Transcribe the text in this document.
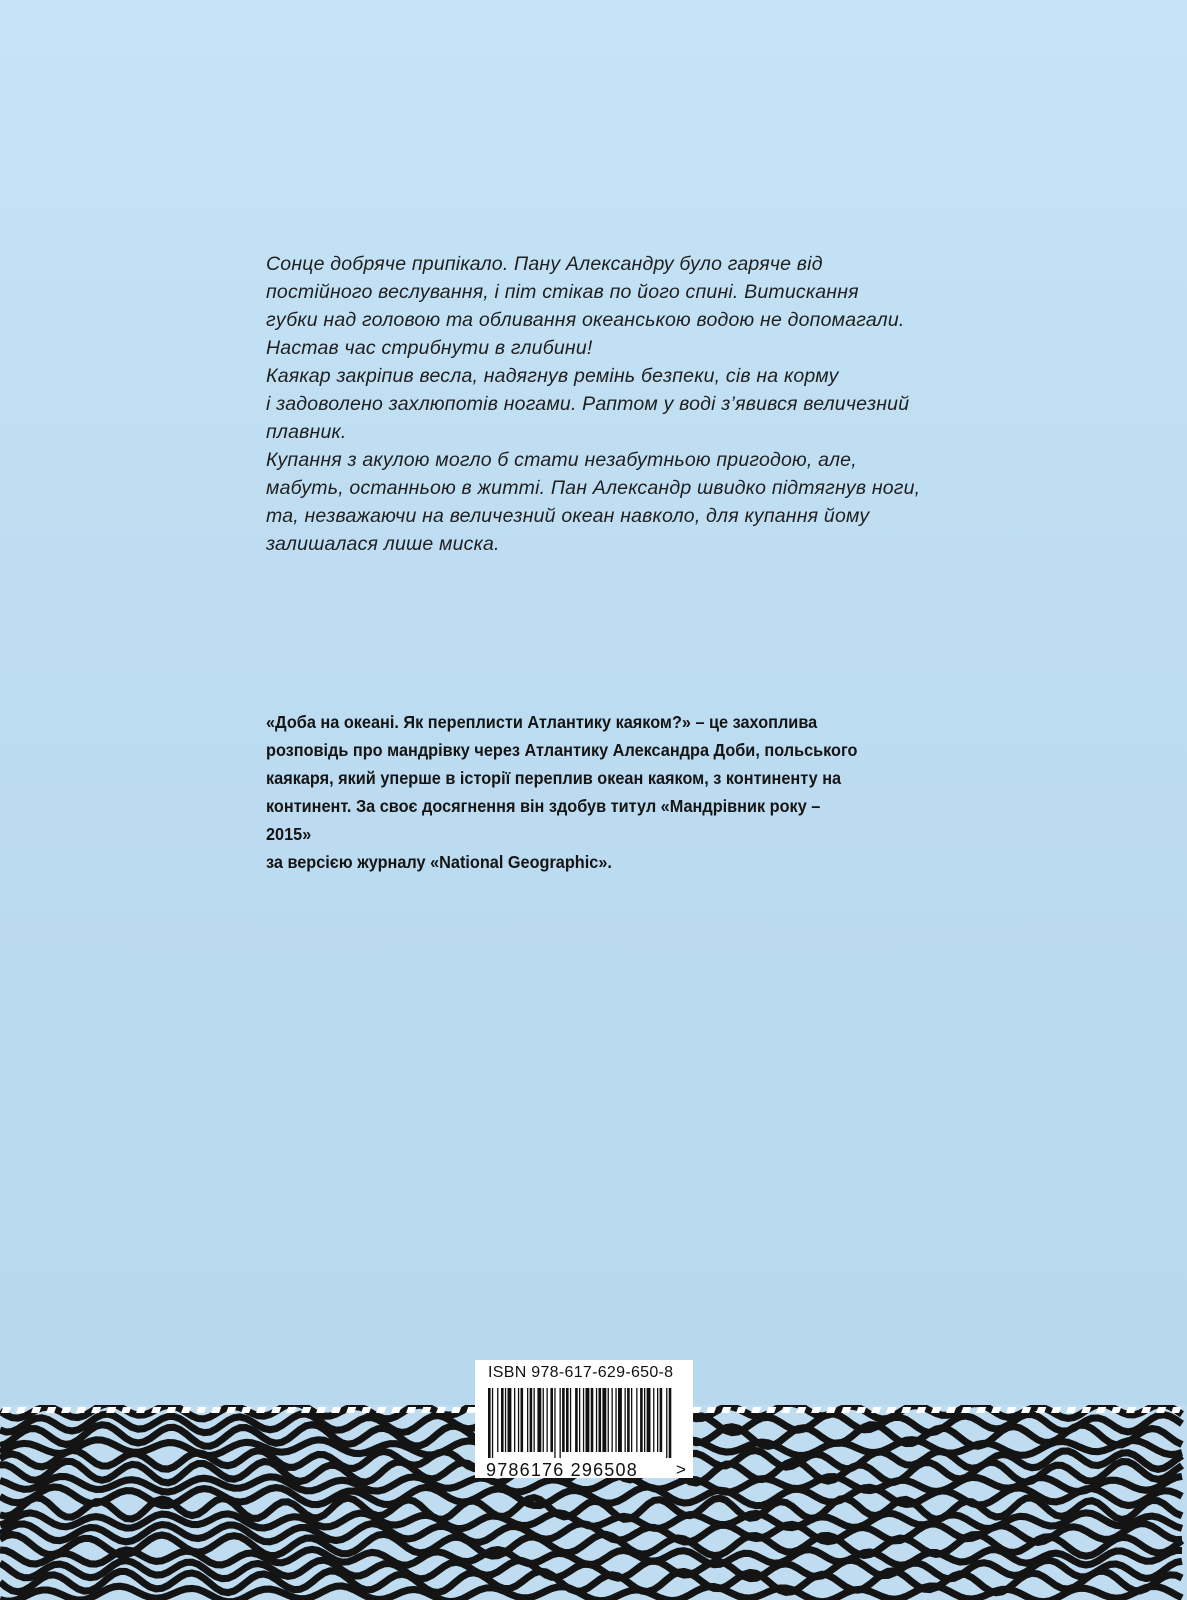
Сонце добряче припікало. Пану Александру було гаряче від

постійного веслування, і піт стікав по його спині. Витискання

губки над головою та обливання океанською водою не допомагали.

Настав час стрибнути в глибини!

Каякар закріпив весла, надягнув ремінь безпеки, сів на корму

і задоволено захлюпотів ногами. Раптом у воді з’явився величезний

плавник.

Купання з акулою могло б стати незабутньою пригодою, але,

мабуть, останньою в житті. Пан Александр швидко підтягнув ноги,

та, незважаючи на величезний океан навколо, для купання йому

залишалася лише миска.

«Доба на океані. Як переплисти Атлантику каяком?» – це захоплива
розповідь про мандрівку через Атлантику Александра Доби, польського
каякаря, який уперше в історії переплив океан каяком, з континенту на
континент. За своє досягнення він здобув титул «Мандрівник року – 2015»
за версією журналу «National Geographic».
ISBN 978-617-629-650-8
9786176 296508 >
